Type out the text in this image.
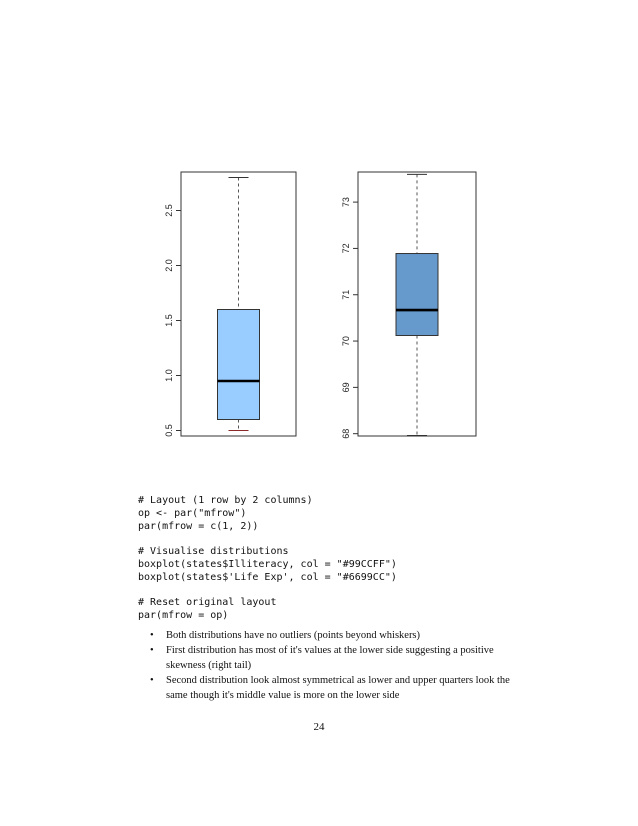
0.5
1.0
1.5
2.0
2.5
68
69
70
71
72
73
# Layout (1 row by 2 columns)
op <- par("mfrow")
par(mfrow = c(1, 2))
# Visualise distributions
boxplot(states$Illiteracy, col = "#99CCFF")
boxplot(states$'Life Exp', col = "#6699CC")
# Reset original layout
par(mfrow = op)
• Both distributions have no outliers (points beyond whiskers)
• First distribution has most of it's values at the lower side suggesting a positive skewness (right tail)
• Second distribution look almost symmetrical as lower and upper quarters look the same though it's middle value is more on the lower side
24
